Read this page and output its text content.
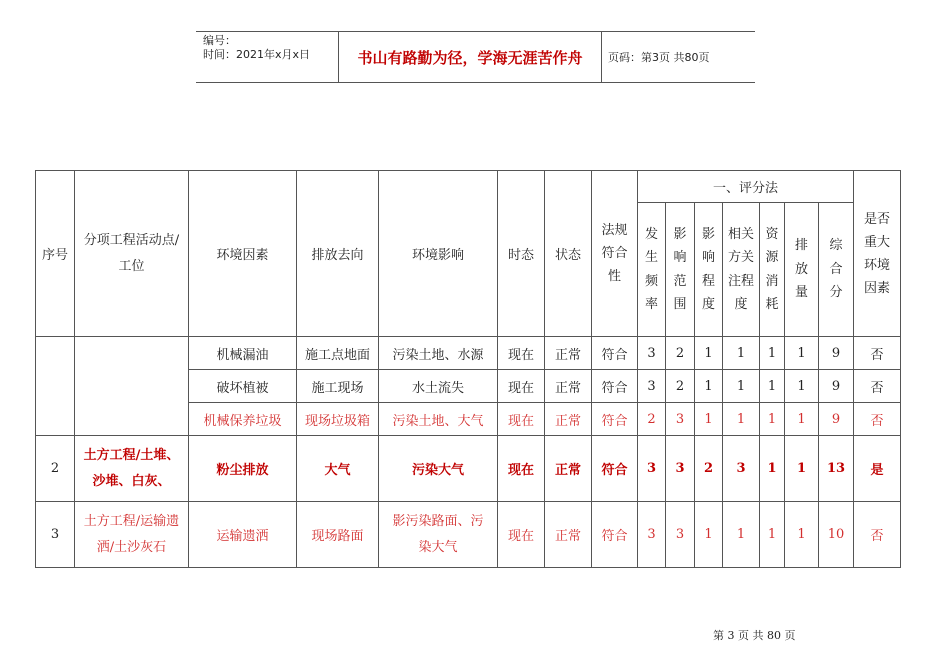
编号：
时间：2021年x月x日	书山有路勤为径，学海无涯苦作舟	页码：第3页 共80页
序号	分项工程活动点/工位	环境因素	排放去向	环境影响	时态	状态	法规符合性	一、评分法							是否重大环境因素

								发生频率	影响范围	影响程度	相关方关注程度	资源消耗	排放量	综合分	

		机械漏油	施工点地面	污染土地、水源	现在	正常	符合	3	2	1	1	1	1	9	否
		破坏植被	施工现场	水土流失	现在	正常	符合	3	2	1	1	1	1	9	否
		机械保养垃圾	现场垃圾箱	污染土地、大气	现在	正常	符合	2	3	1	1	1	1	9	否
2	土方工程/土堆、沙堆、白灰、	粉尘排放	大气	污染大气	现在	正常	符合	3	3	2	3	1	1	13	是
3	土方工程/运输遗洒/土沙灰石	运输遗洒	现场路面	影污染路面、污染大气	现在	正常	符合	3	3	1	1	1	1	10	否
第 3 页 共 80 页
